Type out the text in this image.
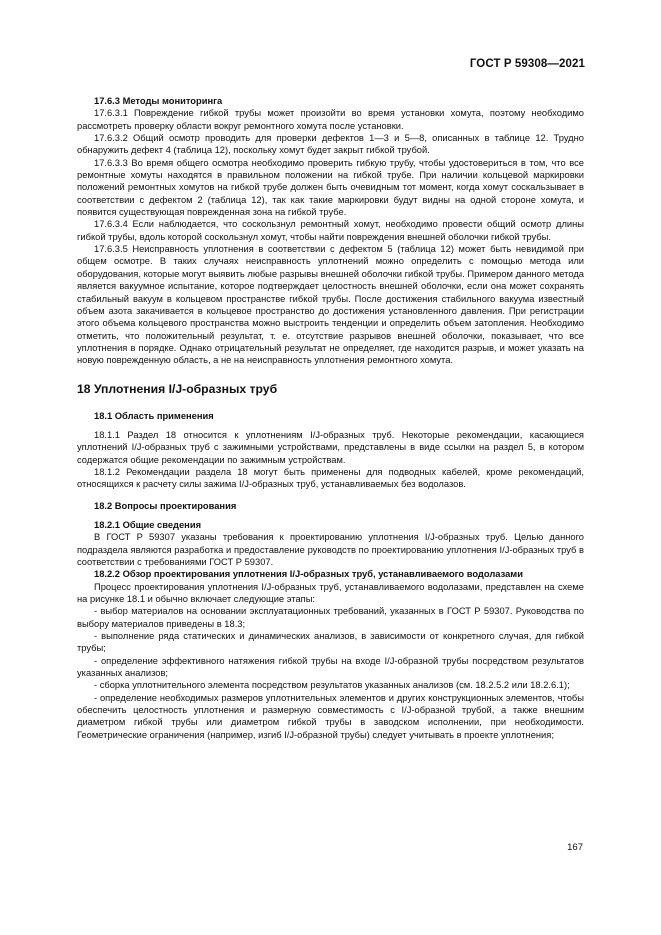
ГОСТ Р 59308—2021

17.6.3 Методы мониторинга

17.6.3.1 Повреждение гибкой трубы может произойти во время установки хомута, поэтому необходимо рассмотреть проверку области вокруг ремонтного хомута после установки.

17.6.3.2 Общий осмотр проводить для проверки дефектов 1—3 и 5—8, описанных в таблице 12. Трудно обнаружить дефект 4 (таблица 12), поскольку хомут будет закрыт гибкой трубой.

17.6.3.3 Во время общего осмотра необходимо проверить гибкую трубу, чтобы удостовериться в том, что все ремонтные хомуты находятся в правильном положении на гибкой трубе. При наличии кольцевой маркировки положений ремонтных хомутов на гибкой трубе должен быть очевидным тот момент, когда хомут соскальзывает в соответствии с дефектом 2 (таблица 12), так как такие маркировки будут видны на одной стороне хомута, и появится существующая поврежденная зона на гибкой трубе.

17.6.3.4 Если наблюдается, что соскользнул ремонтный хомут, необходимо провести общий осмотр длины гибкой трубы, вдоль которой соскользнул хомут, чтобы найти повреждения внешней оболочки гибкой трубы.

17.6.3.5 Неисправность уплотнения в соответствии с дефектом 5 (таблица 12) может быть невидимой при общем осмотре. В таких случаях неисправность уплотнений можно определить с помощью метода или оборудования, которые могут выявить любые разрывы внешней оболочки гибкой трубы. Примером данного метода является вакуумное испытание, которое подтверждает целостность внешней оболочки, если она может сохранять стабильный вакуум в кольцевом пространстве гибкой трубы. После достижения стабильного вакуума известный объем азота закачивается в кольцевое пространство до достижения установленного давления. При регистрации этого объема кольцевого пространства можно выстроить тенденции и определить объем затопления. Необходимо отметить, что положительный результат, т. е. отсутствие разрывов внешней оболочки, показывает, что все уплотнения в порядке. Однако отрицательный результат не определяет, где находится разрыв, и может указать на новую поврежденную область, а не на неисправность уплотнения ремонтного хомута.

18 Уплотнения I/J-образных труб

18.1 Область применения

18.1.1 Раздел 18 относится к уплотнениям I/J-образных труб. Некоторые рекомендации, касающиеся уплотнений I/J-образных труб с зажимными устройствами, представлены в виде ссылки на раздел 5, в котором содержатся общие рекомендации по зажимным устройствам.

18.1.2 Рекомендации раздела 18 могут быть применены для подводных кабелей, кроме рекомендаций, относящихся к расчету силы зажима I/J-образных труб, устанавливаемых без водолазов.

18.2 Вопросы проектирования

18.2.1 Общие сведения

В ГОСТ Р 59307 указаны требования к проектированию уплотнения I/J-образных труб. Целью данного подраздела являются разработка и предоставление руководств по проектированию уплотнения I/J-образных труб в соответствии с требованиями ГОСТ Р 59307.

18.2.2 Обзор проектирования уплотнения I/J-образных труб, устанавливаемого водолазами

Процесс проектирования уплотнения I/J-образных труб, устанавливаемого водолазами, представлен на схеме на рисунке 18.1 и обычно включает следующие этапы:

- выбор материалов на основании эксплуатационных требований, указанных в ГОСТ Р 59307. Руководства по выбору материалов приведены в 18.3;

- выполнение ряда статических и динамических анализов, в зависимости от конкретного случая, для гибкой трубы;

- определение эффективного натяжения гибкой трубы на входе I/J-образной трубы посредством результатов указанных анализов;

- сборка уплотнительного элемента посредством результатов указанных анализов (см. 18.2.5.2 или 18.2.6.1);

- определение необходимых размеров уплотнительных элементов и других конструкционных элементов, чтобы обеспечить целостность уплотнения и размерную совместимость с I/J-образной трубой, а также внешним диаметром гибкой трубы или диаметром гибкой трубы в заводском исполнении, при необходимости. Геометрические ограничения (например, изгиб I/J-образной трубы) следует учитывать в проекте уплотнения;

167
